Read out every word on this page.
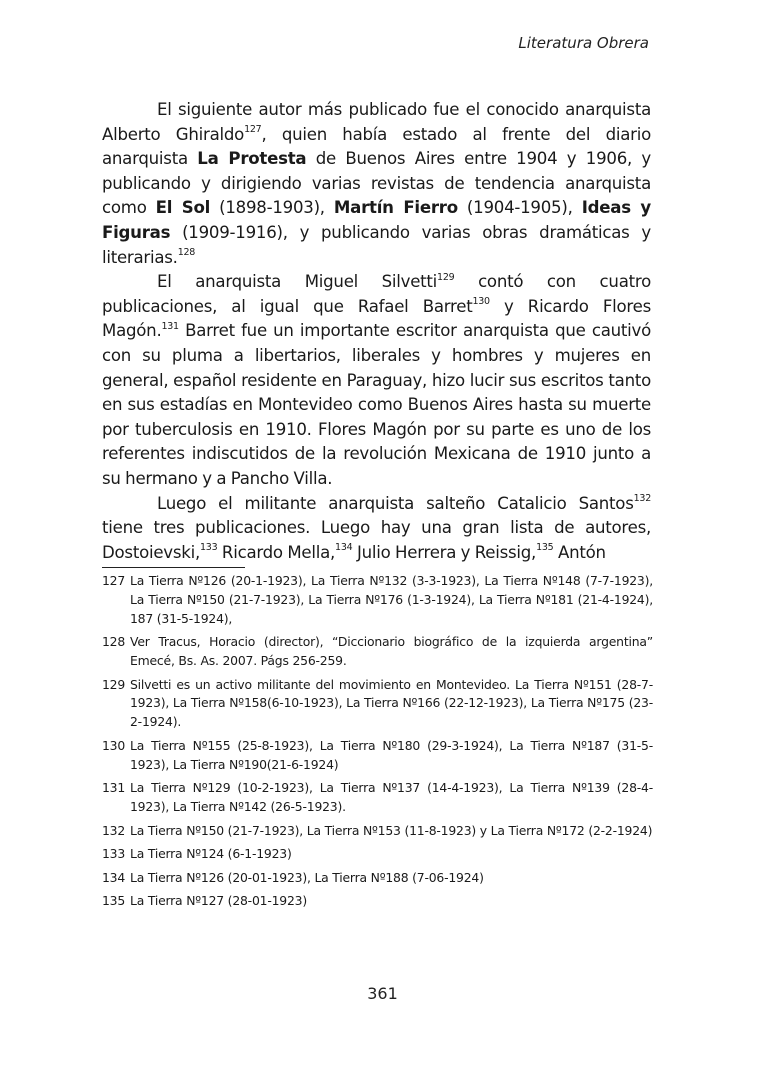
Literatura Obrera

El siguiente autor más publicado fue el conocido anarquista Alberto Ghiraldo$^{127}$, quien había estado al frente del diario anarquista La Protesta de Buenos Aires entre 1904 y 1906, y publicando y dirigiendo varias revistas de tendencia anarquista como El Sol (1898-1903), Martín Fierro (1904-1905), Ideas y Figuras (1909-1916), y publicando varias obras dramáticas y literarias.$^{128}$

El anarquista Miguel Silvetti$^{129}$ contó con cuatro publicaciones, al igual que Rafael Barret$^{130}$ y Ricardo Flores Magón.$^{131}$ Barret fue un importante escritor anarquista que cautivó con su pluma a libertarios, liberales y hombres y mujeres en general, español residente en Paraguay, hizo lucir sus escritos tanto en sus estadías en Montevideo como Buenos Aires hasta su muerte por tuberculosis en 1910. Flores Magón por su parte es uno de los referentes indiscutidos de la revolución Mexicana de 1910 junto a su hermano y a Pancho Villa.

Luego el militante anarquista salteño Catalicio Santos$^{132}$ tiene tres publicaciones. Luego hay una gran lista de autores, Dostoievski,$^{133}$ Ricardo Mella,$^{134}$ Julio Herrera y Reissig,$^{135}$ Antón

127 La Tierra Nº126 (20-1-1923), La Tierra Nº132 (3-3-1923), La Tierra Nº148 (7-7-1923), La Tierra Nº150 (21-7-1923), La Tierra Nº176 (1-3-1924), La Tierra Nº181 (21-4-1924), 187 (31-5-1924),
128 Ver Tracus, Horacio (director), “Diccionario biográfico de la izquierda argentina” Emecé, Bs. As. 2007. Págs 256-259.
129 Silvetti es un activo militante del movimiento en Montevideo. La Tierra Nº151 (28-7-1923), La Tierra Nº158(6-10-1923), La Tierra Nº166 (22-12-1923), La Tierra Nº175 (23-2-1924).
130 La Tierra Nº155 (25-8-1923), La Tierra Nº180 (29-3-1924), La Tierra Nº187 (31-5-1923), La Tierra Nº190(21-6-1924)
131 La Tierra Nº129 (10-2-1923), La Tierra Nº137 (14-4-1923), La Tierra Nº139 (28-4-1923), La Tierra Nº142 (26-5-1923).
132 La Tierra Nº150 (21-7-1923), La Tierra Nº153 (11-8-1923) y La Tierra Nº172 (2-2-1924)
133 La Tierra Nº124 (6-1-1923)
134 La Tierra Nº126 (20-01-1923), La Tierra Nº188 (7-06-1924)
135 La Tierra Nº127 (28-01-1923)
361
